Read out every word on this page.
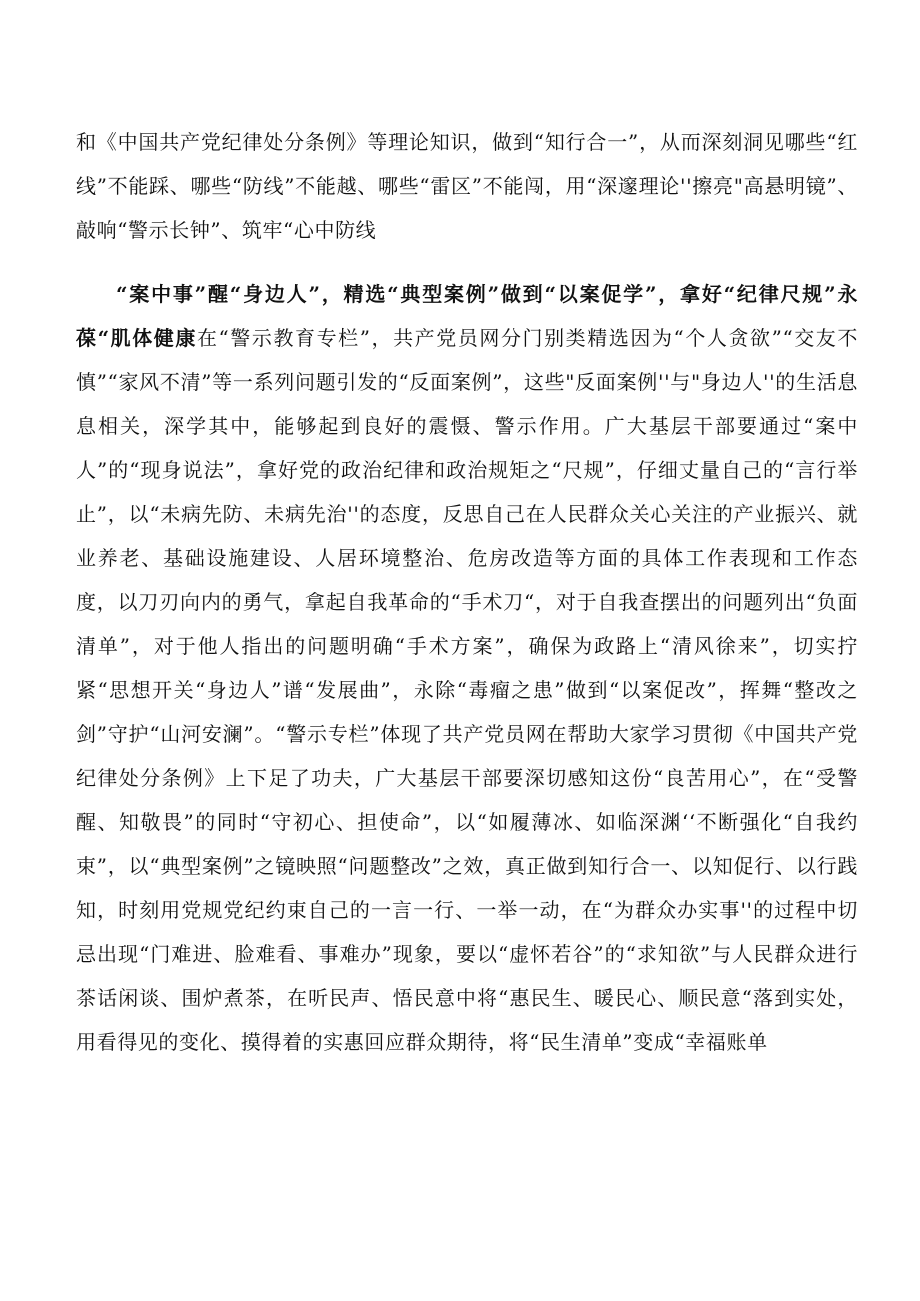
和《中国共产党纪律处分条例》等理论知识，做到“知行合一”，从而深刻洞见哪些“红线”不能踩、哪些“防线”不能越、哪些“雷区”不能闯，用“深邃理论''擦亮"高悬明镜”、敲响“警示长钟”、筑牢“心中防线

“案中事”醒“身边人”，精选“典型案例”做到“以案促学”，拿好“纪律尺规”永葆“肌体健康在“警示教育专栏”，共产党员网分门别类精选因为“个人贪欲”“交友不慎”“家风不清”等一系列问题引发的“反面案例”，这些"反面案例''与"身边人''的生活息息相关，深学其中，能够起到良好的震慑、警示作用。广大基层干部要通过“案中人”的“现身说法”，拿好党的政治纪律和政治规矩之“尺规”，仔细丈量自己的“言行举止”，以“未病先防、未病先治''的态度，反思自己在人民群众关心关注的产业振兴、就业养老、基础设施建设、人居环境整治、危房改造等方面的具体工作表现和工作态度，以刀刃向内的勇气，拿起自我革命的“手术刀“，对于自我查摆出的问题列出“负面清单”，对于他人指出的问题明确“手术方案”，确保为政路上“清风徐来”，切实拧紧“思想开关“身边人”谱“发展曲”，永除“毒瘤之患”做到“以案促改”，挥舞“整改之剑”守护“山河安澜”。“警示专栏”体现了共产党员网在帮助大家学习贯彻《中国共产党纪律处分条例》上下足了功夫，广大基层干部要深切感知这份“良苦用心”，在“受警醒、知敬畏”的同时“守初心、担使命”，以“如履薄冰、如临深渊‘‘不断强化“自我约束”，以“典型案例”之镜映照“问题整改”之效，真正做到知行合一、以知促行、以行践知，时刻用党规党纪约束自己的一言一行、一举一动，在“为群众办实事''的过程中切忌出现“门难进、脸难看、事难办”现象，要以“虚怀若谷”的“求知欲”与人民群众进行茶话闲谈、围炉煮茶，在听民声、悟民意中将“惠民生、暖民心、顺民意“落到实处，用看得见的变化、摸得着的实惠回应群众期待，将“民生清单”变成“幸福账单
